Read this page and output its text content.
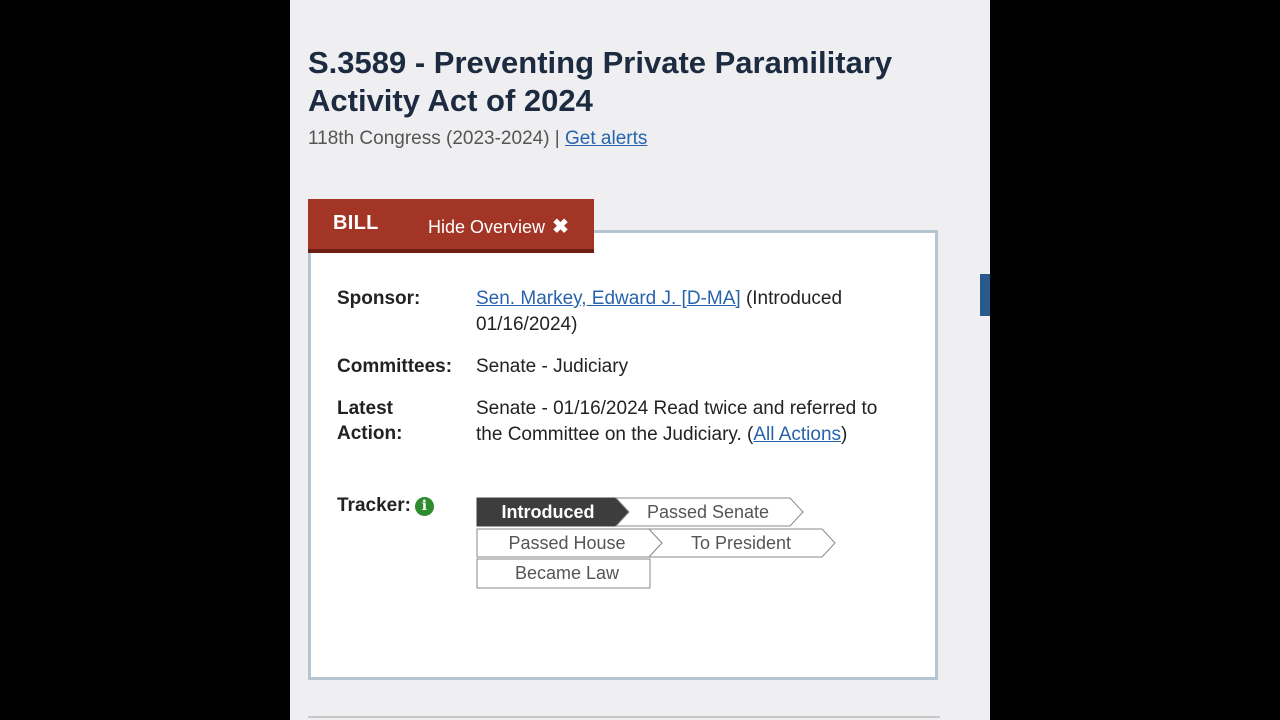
S.3589 - Preventing Private Paramilitary Activity Act of 2024
118th Congress (2023-2024) | Get alerts
BILL	Hide Overview ✖
Sponsor:	Sen. Markey, Edward J. [D-MA] (Introduced 01/16/2024)
Committees: Senate - Judiciary
Latest
Action:
Senate - 01/16/2024 Read twice and referred to the Committee on the Judiciary. (All Actions)
Tracker: i	Introduced	Passed Senate
Passed House	To President
Became Law
